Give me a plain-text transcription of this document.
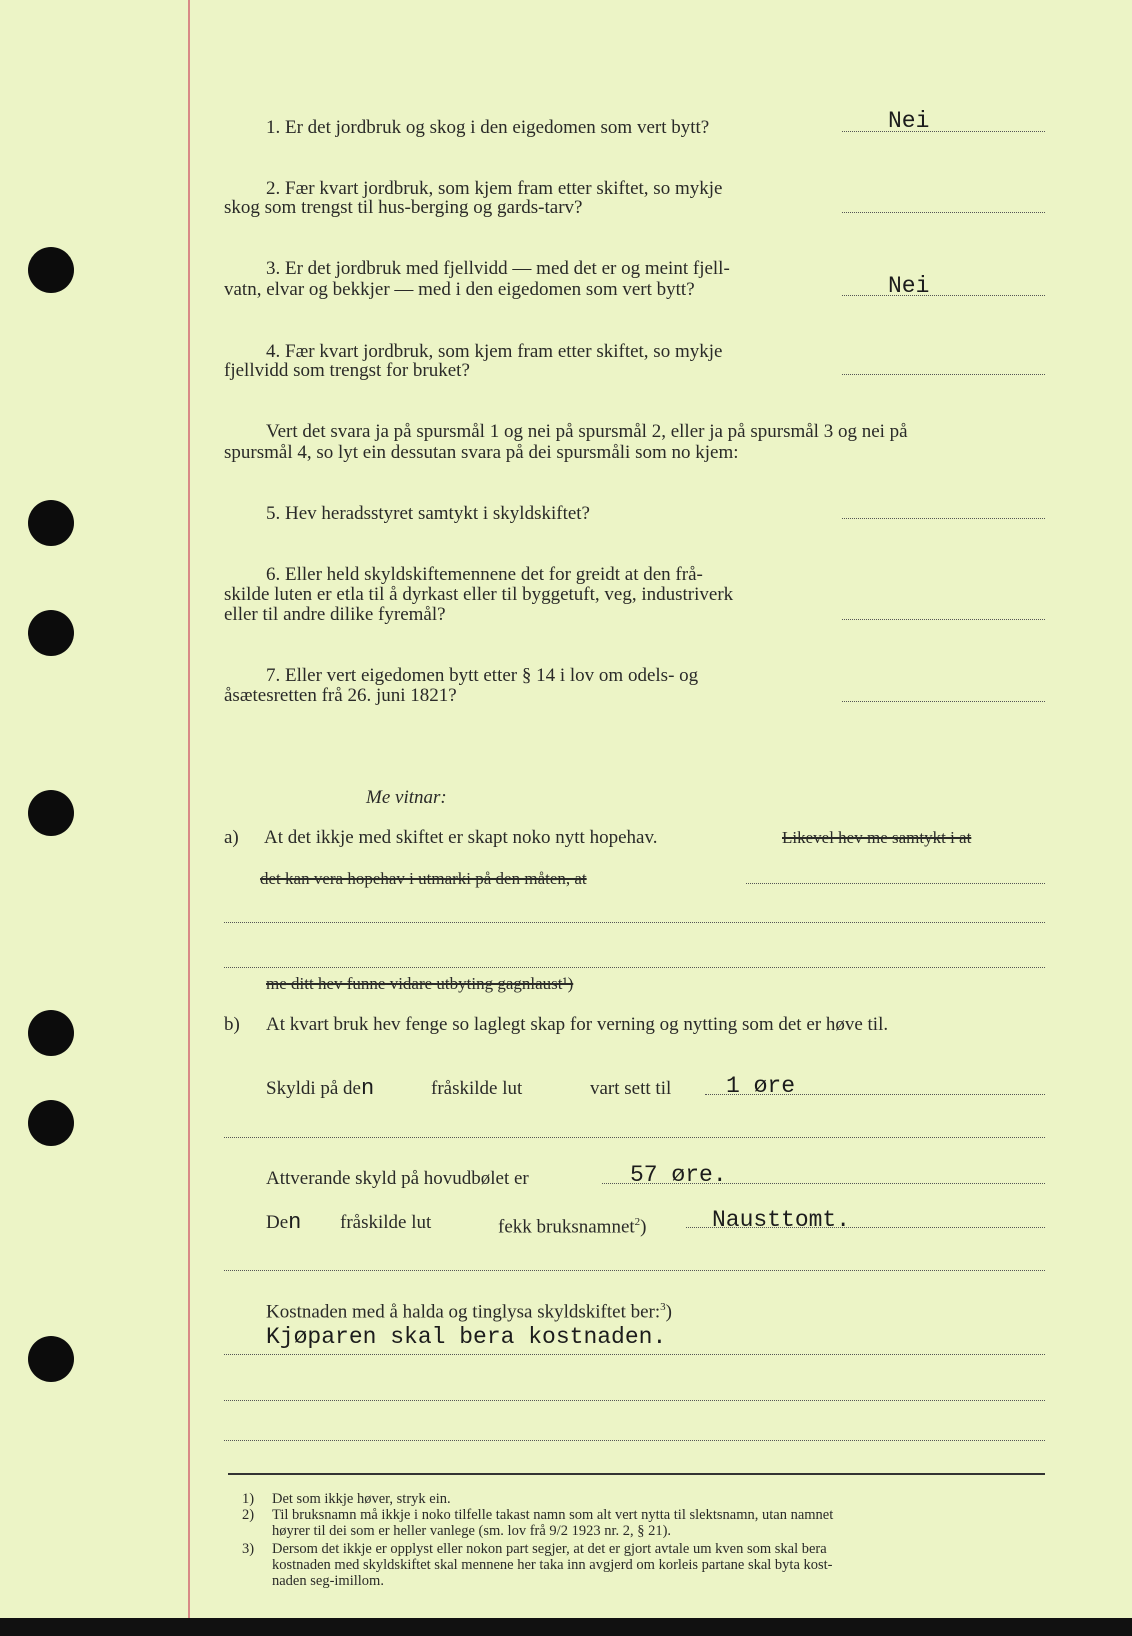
1. Er det jordbruk og skog i den eigedomen som vert bytt?	Nei
2. Fær kvart jordbruk, som kjem fram etter skiftet, so mykje
skog som trengst til hus-berging og gards-tarv?
3. Er det jordbruk med fjellvidd — med det er og meint fjell-
vatn, elvar og bekkjer — med i den eigedomen som vert bytt?	Nei
4. Fær kvart jordbruk, som kjem fram etter skiftet, so mykje
fjellvidd som trengst for bruket?
Vert det svara ja på spursmål 1 og nei på spursmål 2, eller ja på spursmål 3 og nei på
spursmål 4, so lyt ein dessutan svara på dei spursmåli som no kjem:
5. Hev heradsstyret samtykt i skyldskiftet?
6. Eller held skyldskiftemennene det for greidt at den frå-
skilde luten er etla til å dyrkast eller til byggetuft, veg, industriverk
eller til andre dilike fyremål?
7. Eller vert eigedomen bytt etter § 14 i lov om odels- og
åsætesretten frå 26. juni 1821?
Me vitnar:
a) At det ikkje med skiftet er skapt noko nytt hopehav.	Likevel hev me samtykt i at
det kan vera hopehav i utmarki på den måten, at
me ditt hev funne vidare utbyting gagnlaust¹)
b) At kvart bruk hev fenge so laglegt skap for verning og nytting som det er høve til.
Skyldi på den	fråskilde lut	vart sett til 1 øre
Attverande skyld på hovudbølet er	57 øre.
Den fråskilde lut	fekk bruksnamnet$^2$)	Nausttomt.
Kostnaden med å halda og tinglysa skyldskiftet ber:$^3$)
Kjøparen skal bera kostnaden.
1) Det som ikkje høver, stryk ein.
2) Til bruksnamn må ikkje i noko tilfelle takast namn som alt vert nytta til slektsnamn, utan namnet
høyrer til dei som er heller vanlege (sm. lov frå 9/2 1923 nr. 2, § 21).
3) Dersom det ikkje er opplyst eller nokon part segjer, at det er gjort avtale um kven som skal bera
kostnaden med skyldskiftet skal mennene her taka inn avgjerd om korleis partane skal byta kost-
naden seg-imillom.
